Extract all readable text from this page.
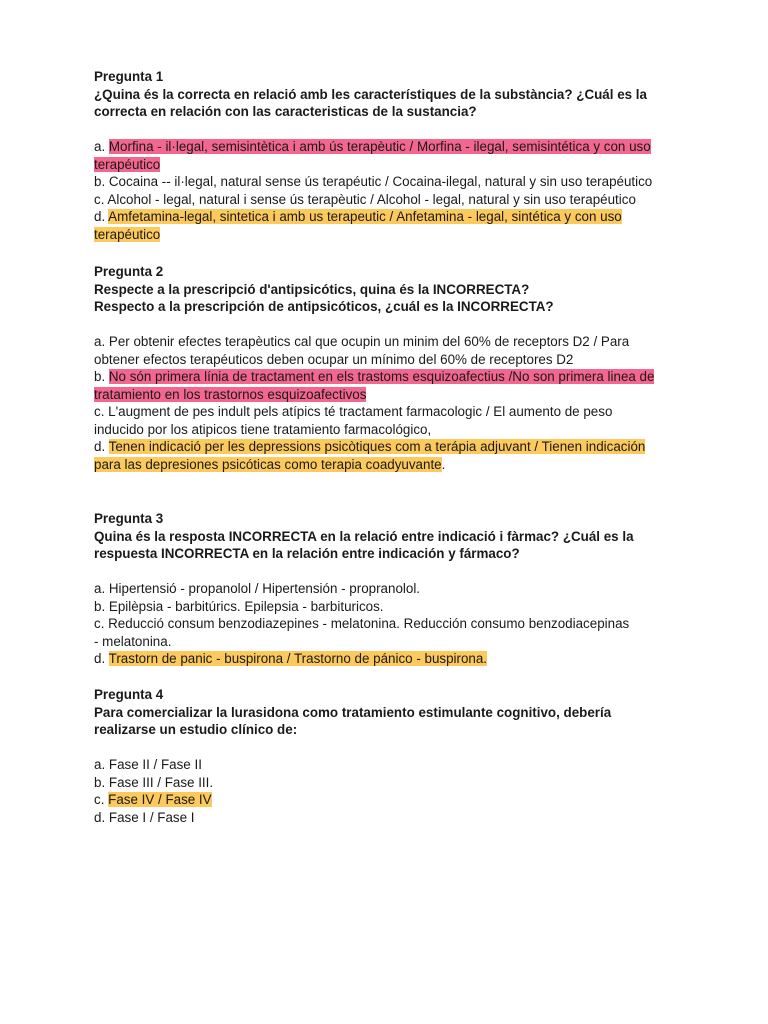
Pregunta 1

¿Quina és la correcta en relació amb les característiques de la substància? ¿Cuál es la

correcta en relación con las caracteristicas de la sustancia?

a. Morfina - il·legal, semisintètica i amb ús terapèutic / Morfina - ilegal, semisintética y con uso

terapéutico

b. Cocaina -- il·legal, natural sense ús terapéutic / Cocaina-ilegal, natural y sin uso terapéutico

c. Alcohol - legal, natural i sense ús terapèutic / Alcohol - legal, natural y sin uso terapéutico

d. Amfetamina-legal, sintetica i amb us terapeutic / Anfetamina - legal, sintética y con uso

terapéutico

Pregunta 2

Respecte a la prescripció d'antipsicótics, quina és la INCORRECTA?

Respecto a la prescripción de antipsicóticos, ¿cuál es la INCORRECTA?

a. Per obtenir efectes terapèutics cal que ocupin un minim del 60% de receptors D2 / Para

obtener efectos terapéuticos deben ocupar un mínimo del 60% de receptores D2

b. No són primera línia de tractament en els trastoms esquizoafectius /No son primera linea de

tratamiento en los trastornos esquizoafectivos

c. L'augment de pes indult pels atípics té tractament farmacologic / El aumento de peso

inducido por los atipicos tiene tratamiento farmacológico,

d. Tenen indicació per les depressions psicòtiques com a terápia adjuvant / Tienen indicación

para las depresiones psicóticas como terapia coadyuvante.

Pregunta 3

Quina és la resposta INCORRECTA en la relació entre indicació i fàrmac? ¿Cuál es la

respuesta INCORRECTA en la relación entre indicación y fármaco?

a. Hipertensió - propanolol / Hipertensión - propranolol.

b. Epilèpsia - barbitúrics. Epilepsia - barbituricos.

c. Reducció consum benzodiazepines - melatonina. Reducción consumo benzodiacepinas

- melatonina.

d. Trastorn de panic - buspirona / Trastorno de pánico - buspirona.

Pregunta 4

Para comercializar la lurasidona como tratamiento estimulante cognitivo, debería

realizarse un estudio clínico de:

a. Fase II / Fase II

b. Fase III / Fase III.

c. Fase IV / Fase IV

d. Fase I / Fase I
